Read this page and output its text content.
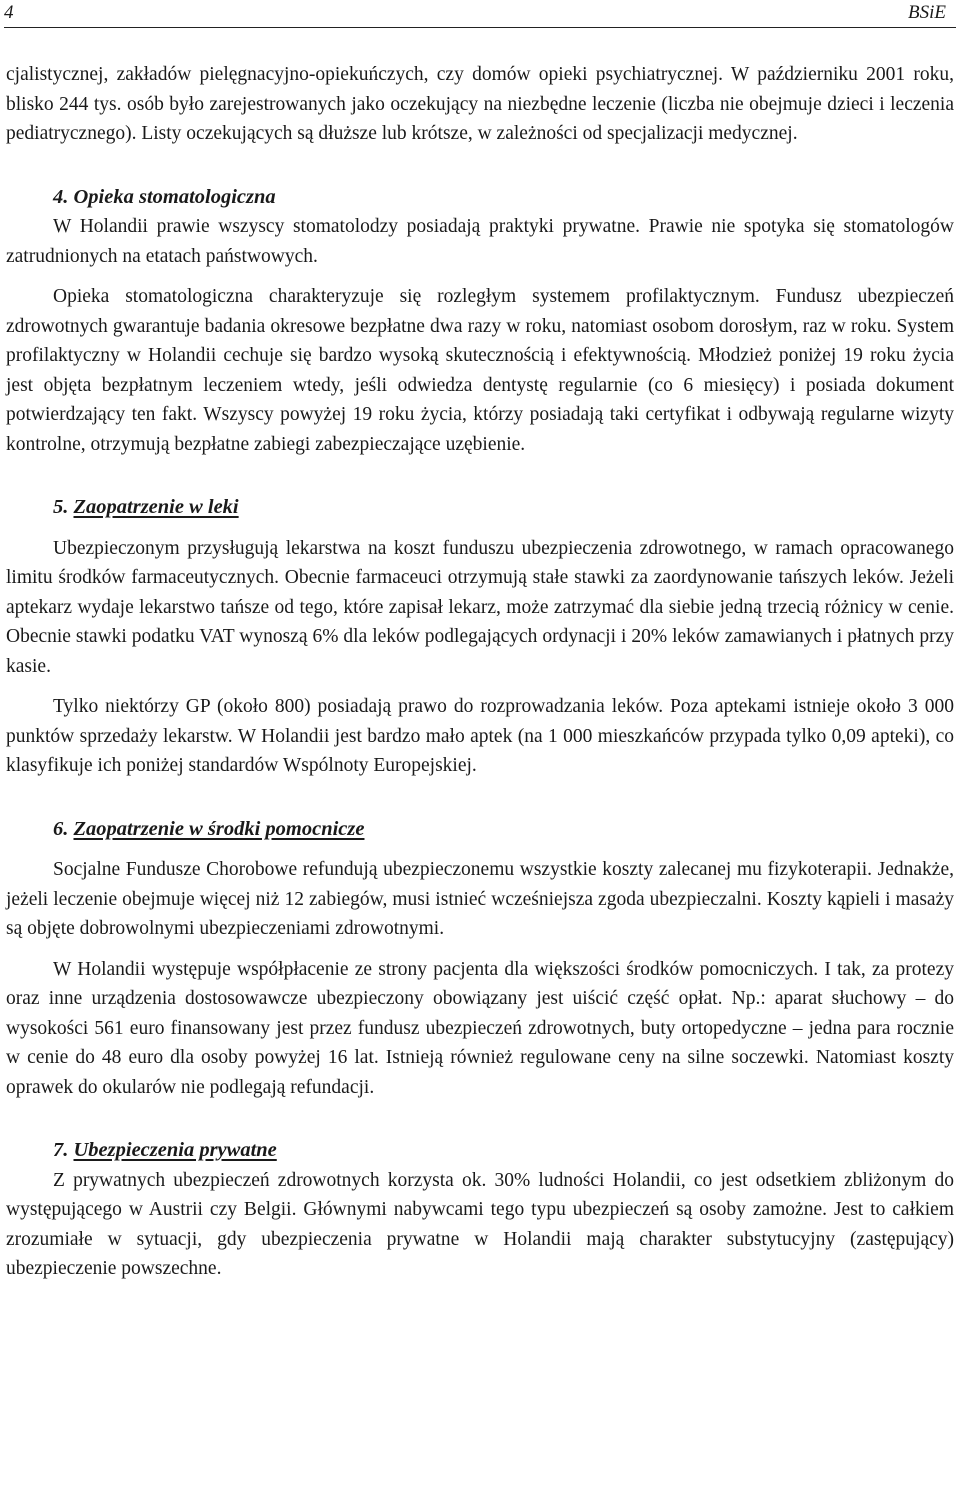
4	BSiE

cjalistycznej, zakładów pielęgnacyjno-opiekuńczych, czy domów opieki psychiatrycznej. W październiku 2001 roku, blisko 244 tys. osób było zarejestrowanych jako oczekujący na niezbędne leczenie (liczba nie obejmuje dzieci i leczenia pediatrycznego). Listy oczekujących są dłuższe lub krótsze, w zależności od specjalizacji medycznej.

4. Opieka stomatologiczna

W Holandii prawie wszyscy stomatolodzy posiadają praktyki prywatne. Prawie nie spotyka się stomatologów zatrudnionych na etatach państwowych.

Opieka stomatologiczna charakteryzuje się rozległym systemem profilaktycznym. Fundusz ubezpieczeń zdrowotnych gwarantuje badania okresowe bezpłatne dwa razy w roku, natomiast osobom dorosłym, raz w roku. System profilaktyczny w Holandii cechuje się bardzo wysoką skutecznością i efektywnością. Młodzież poniżej 19 roku życia jest objęta bezpłatnym leczeniem wtedy, jeśli odwiedza dentystę regularnie (co 6 miesięcy) i posiada dokument potwierdzający ten fakt. Wszyscy powyżej 19 roku życia, którzy posiadają taki certyfikat i odbywają regularne wizyty kontrolne, otrzymują bezpłatne zabiegi zabezpieczające uzębienie.

5. Zaopatrzenie w leki

Ubezpieczonym przysługują lekarstwa na koszt funduszu ubezpieczenia zdrowotnego, w ramach opracowanego limitu środków farmaceutycznych. Obecnie farmaceuci otrzymują stałe stawki za zaordynowanie tańszych leków. Jeżeli aptekarz wydaje lekarstwo tańsze od tego, które zapisał lekarz, może zatrzymać dla siebie jedną trzecią różnicy w cenie. Obecnie stawki podatku VAT wynoszą 6% dla leków podlegających ordynacji i 20% leków zamawianych i płatnych przy kasie.

Tylko niektórzy GP (około 800) posiadają prawo do rozprowadzania leków. Poza aptekami istnieje około 3 000 punktów sprzedaży lekarstw. W Holandii jest bardzo mało aptek (na 1 000 mieszkańców przypada tylko 0,09 apteki), co klasyfikuje ich poniżej standardów Wspólnoty Europejskiej.

6. Zaopatrzenie w środki pomocnicze

Socjalne Fundusze Chorobowe refundują ubezpieczonemu wszystkie koszty zalecanej mu fizykoterapii. Jednakże, jeżeli leczenie obejmuje więcej niż 12 zabiegów, musi istnieć wcześniejsza zgoda ubezpieczalni. Koszty kąpieli i masaży są objęte dobrowolnymi ubezpieczeniami zdrowotnymi.

W Holandii występuje współpłacenie ze strony pacjenta dla większości środków pomocniczych. I tak, za protezy oraz inne urządzenia dostosowawcze ubezpieczony obowiązany jest uiścić część opłat. Np.: aparat słuchowy – do wysokości 561 euro finansowany jest przez fundusz ubezpieczeń zdrowotnych, buty ortopedyczne – jedna para rocznie w cenie do 48 euro dla osoby powyżej 16 lat. Istnieją również regulowane ceny na silne soczewki. Natomiast koszty oprawek do okularów nie podlegają refundacji.

7. Ubezpieczenia prywatne

Z prywatnych ubezpieczeń zdrowotnych korzysta ok. 30% ludności Holandii, co jest odsetkiem zbliżonym do występującego w Austrii czy Belgii. Głównymi nabywcami tego typu ubezpieczeń są osoby zamożne. Jest to całkiem zrozumiałe w sytuacji, gdy ubezpieczenia prywatne w Holandii mają charakter substytucyjny (zastępujący) ubezpieczenie powszechne.
